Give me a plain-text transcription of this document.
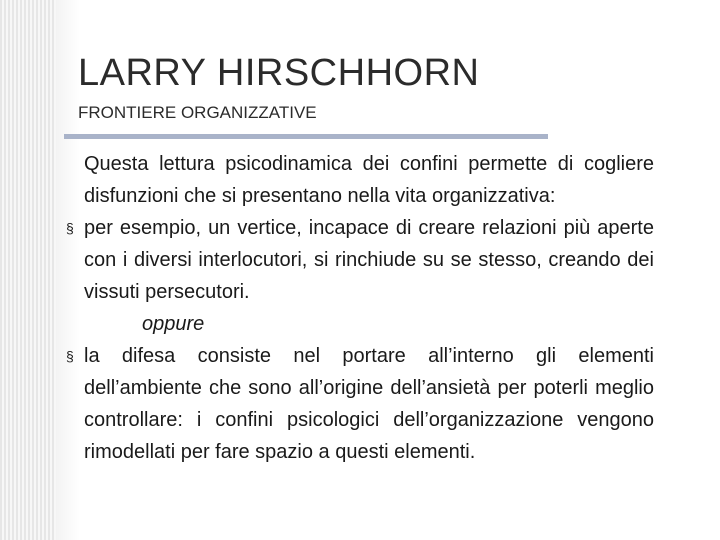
LARRY HIRSCHHORN
FRONTIERE ORGANIZZATIVE

Questa lettura psicodinamica dei confini permette di cogliere disfunzioni che si presentano nella vita organizzativa:

§ per esempio, un vertice, incapace di creare relazioni più aperte con i diversi interlocutori, si rinchiude su se stesso, creando dei vissuti persecutori.

oppure

§ la difesa consiste nel portare all’interno gli elementi dell’ambiente che sono all’origine dell’ansietà per poterli meglio controllare: i confini psicologici dell’organizzazione vengono rimodellati per fare spazio a questi elementi.
